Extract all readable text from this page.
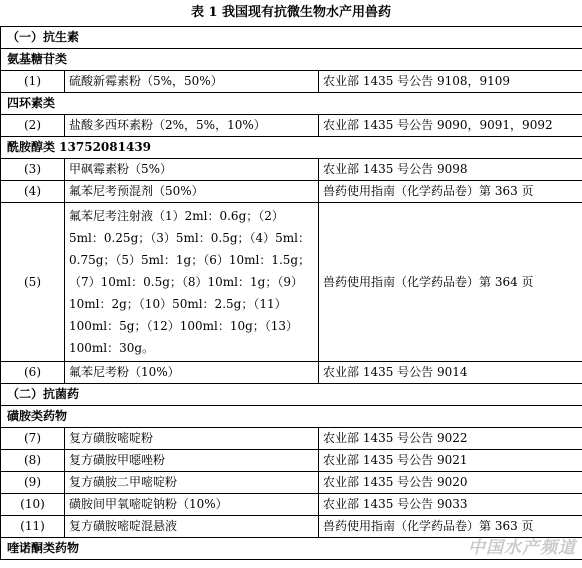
表 1 我国现有抗微生物水产用兽药
（一）抗生素		
氨基糖苷类		
(1)	硫酸新霉素粉（5%，50%）	农业部 1435 号公告 9108，9109
四环素类		
(2)	盐酸多西环素粉（2%，5%，10%）	农业部 1435 号公告 9090，9091，9092
酰胺醇类 13752081439		
(3)	甲砜霉素粉（5%）	农业部 1435 号公告 9098
(4)	氟苯尼考预混剂（50%）	兽药使用指南（化学药品卷）第 363 页
(5)	氟苯尼考注射液（1）2ml：0.6g；（2）5ml：0.25g；（3）5ml：0.5g；（4）5ml：0.75g；（5）5ml：1g；（6）10ml：1.5g；（7）10ml：0.5g；（8）10ml：1g；（9）10ml：2g；（10）50ml：2.5g；（11）100ml：5g；（12）100ml：10g；（13）100ml：30g。	兽药使用指南（化学药品卷）第 364 页
(6)	氟苯尼考粉（10%）	农业部 1435 号公告 9014
（二）抗菌药		
磺胺类药物		
(7)	复方磺胺嘧啶粉	农业部 1435 号公告 9022
(8)	复方磺胺甲噁唑粉	农业部 1435 号公告 9021
(9)	复方磺胺二甲嘧啶粉	农业部 1435 号公告 9020
(10)	磺胺间甲氧嘧啶钠粉（10%）	农业部 1435 号公告 9033
(11)	复方磺胺嘧啶混悬液	兽药使用指南（化学药品卷）第 363 页
喹诺酮类药物			中国水产频道
